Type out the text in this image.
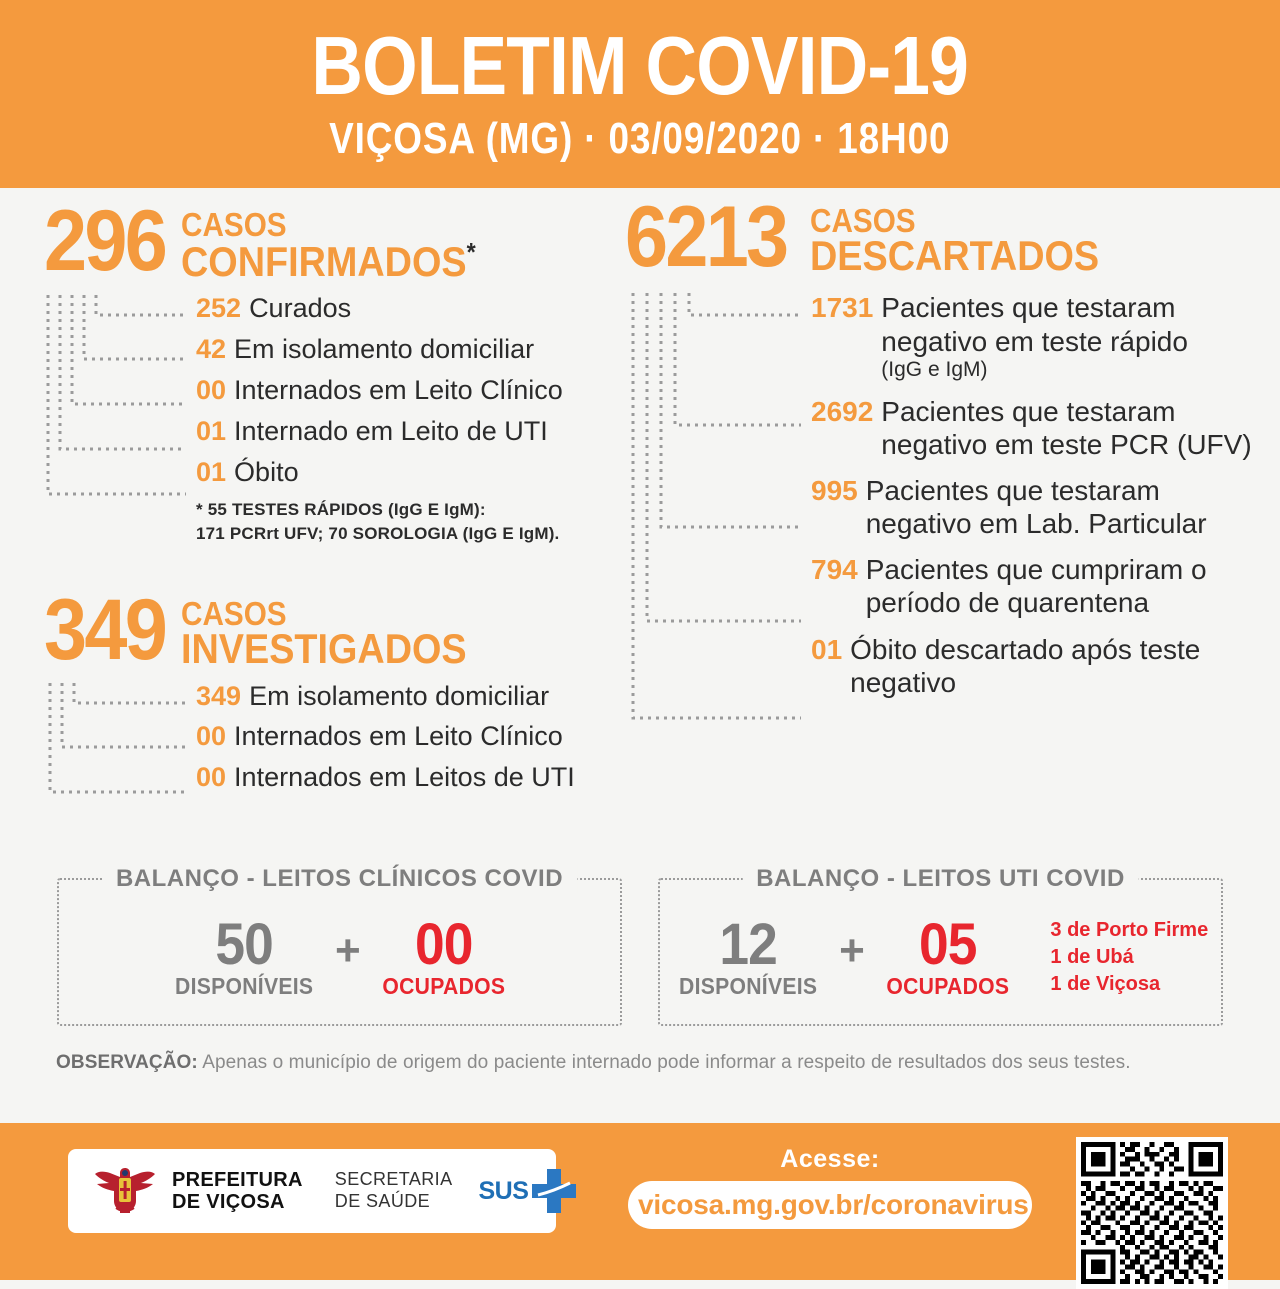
BOLETIM COVID-19
VIÇOSA (MG) · 03/09/2020 · 18H00
296 CASOS
CONFIRMADOS*
252 Curados
42 Em isolamento domiciliar
00 Internados em Leito Clínico
01 Internado em Leito de UTI
01 Óbito
* 55 TESTES RÁPIDOS (IgG E IgM):
171 PCRrt UFV; 70 SOROLOGIA (IgG E IgM).
349 CASOS
INVESTIGADOS
349 Em isolamento domiciliar
00 Internados em Leito Clínico
00 Internados em Leitos de UTI
6213 CASOS
DESCARTADOS
1731 Pacientes que testaram negativo em teste rápido
(IgG e IgM)
2692 Pacientes que testaram negativo em teste PCR (UFV)
995 Pacientes que testaram negativo em Lab. Particular
794 Pacientes que cumpriram o período de quarentena
01 Óbito descartado após teste negativo
BALANÇO - LEITOS CLÍNICOS COVID
50
DISPONÍVEIS
+ 00
OCUPADOS
BALANÇO - LEITOS UTI COVID
12
DISPONÍVEIS
+ 05
OCUPADOS
3 de Porto Firme
1 de Ubá
1 de Viçosa
OBSERVAÇÃO: Apenas o município de origem do paciente internado pode informar a respeito de resultados dos seus testes.
PREFEITURA
DE VIÇOSA
SECRETARIA
DE SAÚDE	SUS
Acesse:
vicosa.mg.gov.br/coronavirus
